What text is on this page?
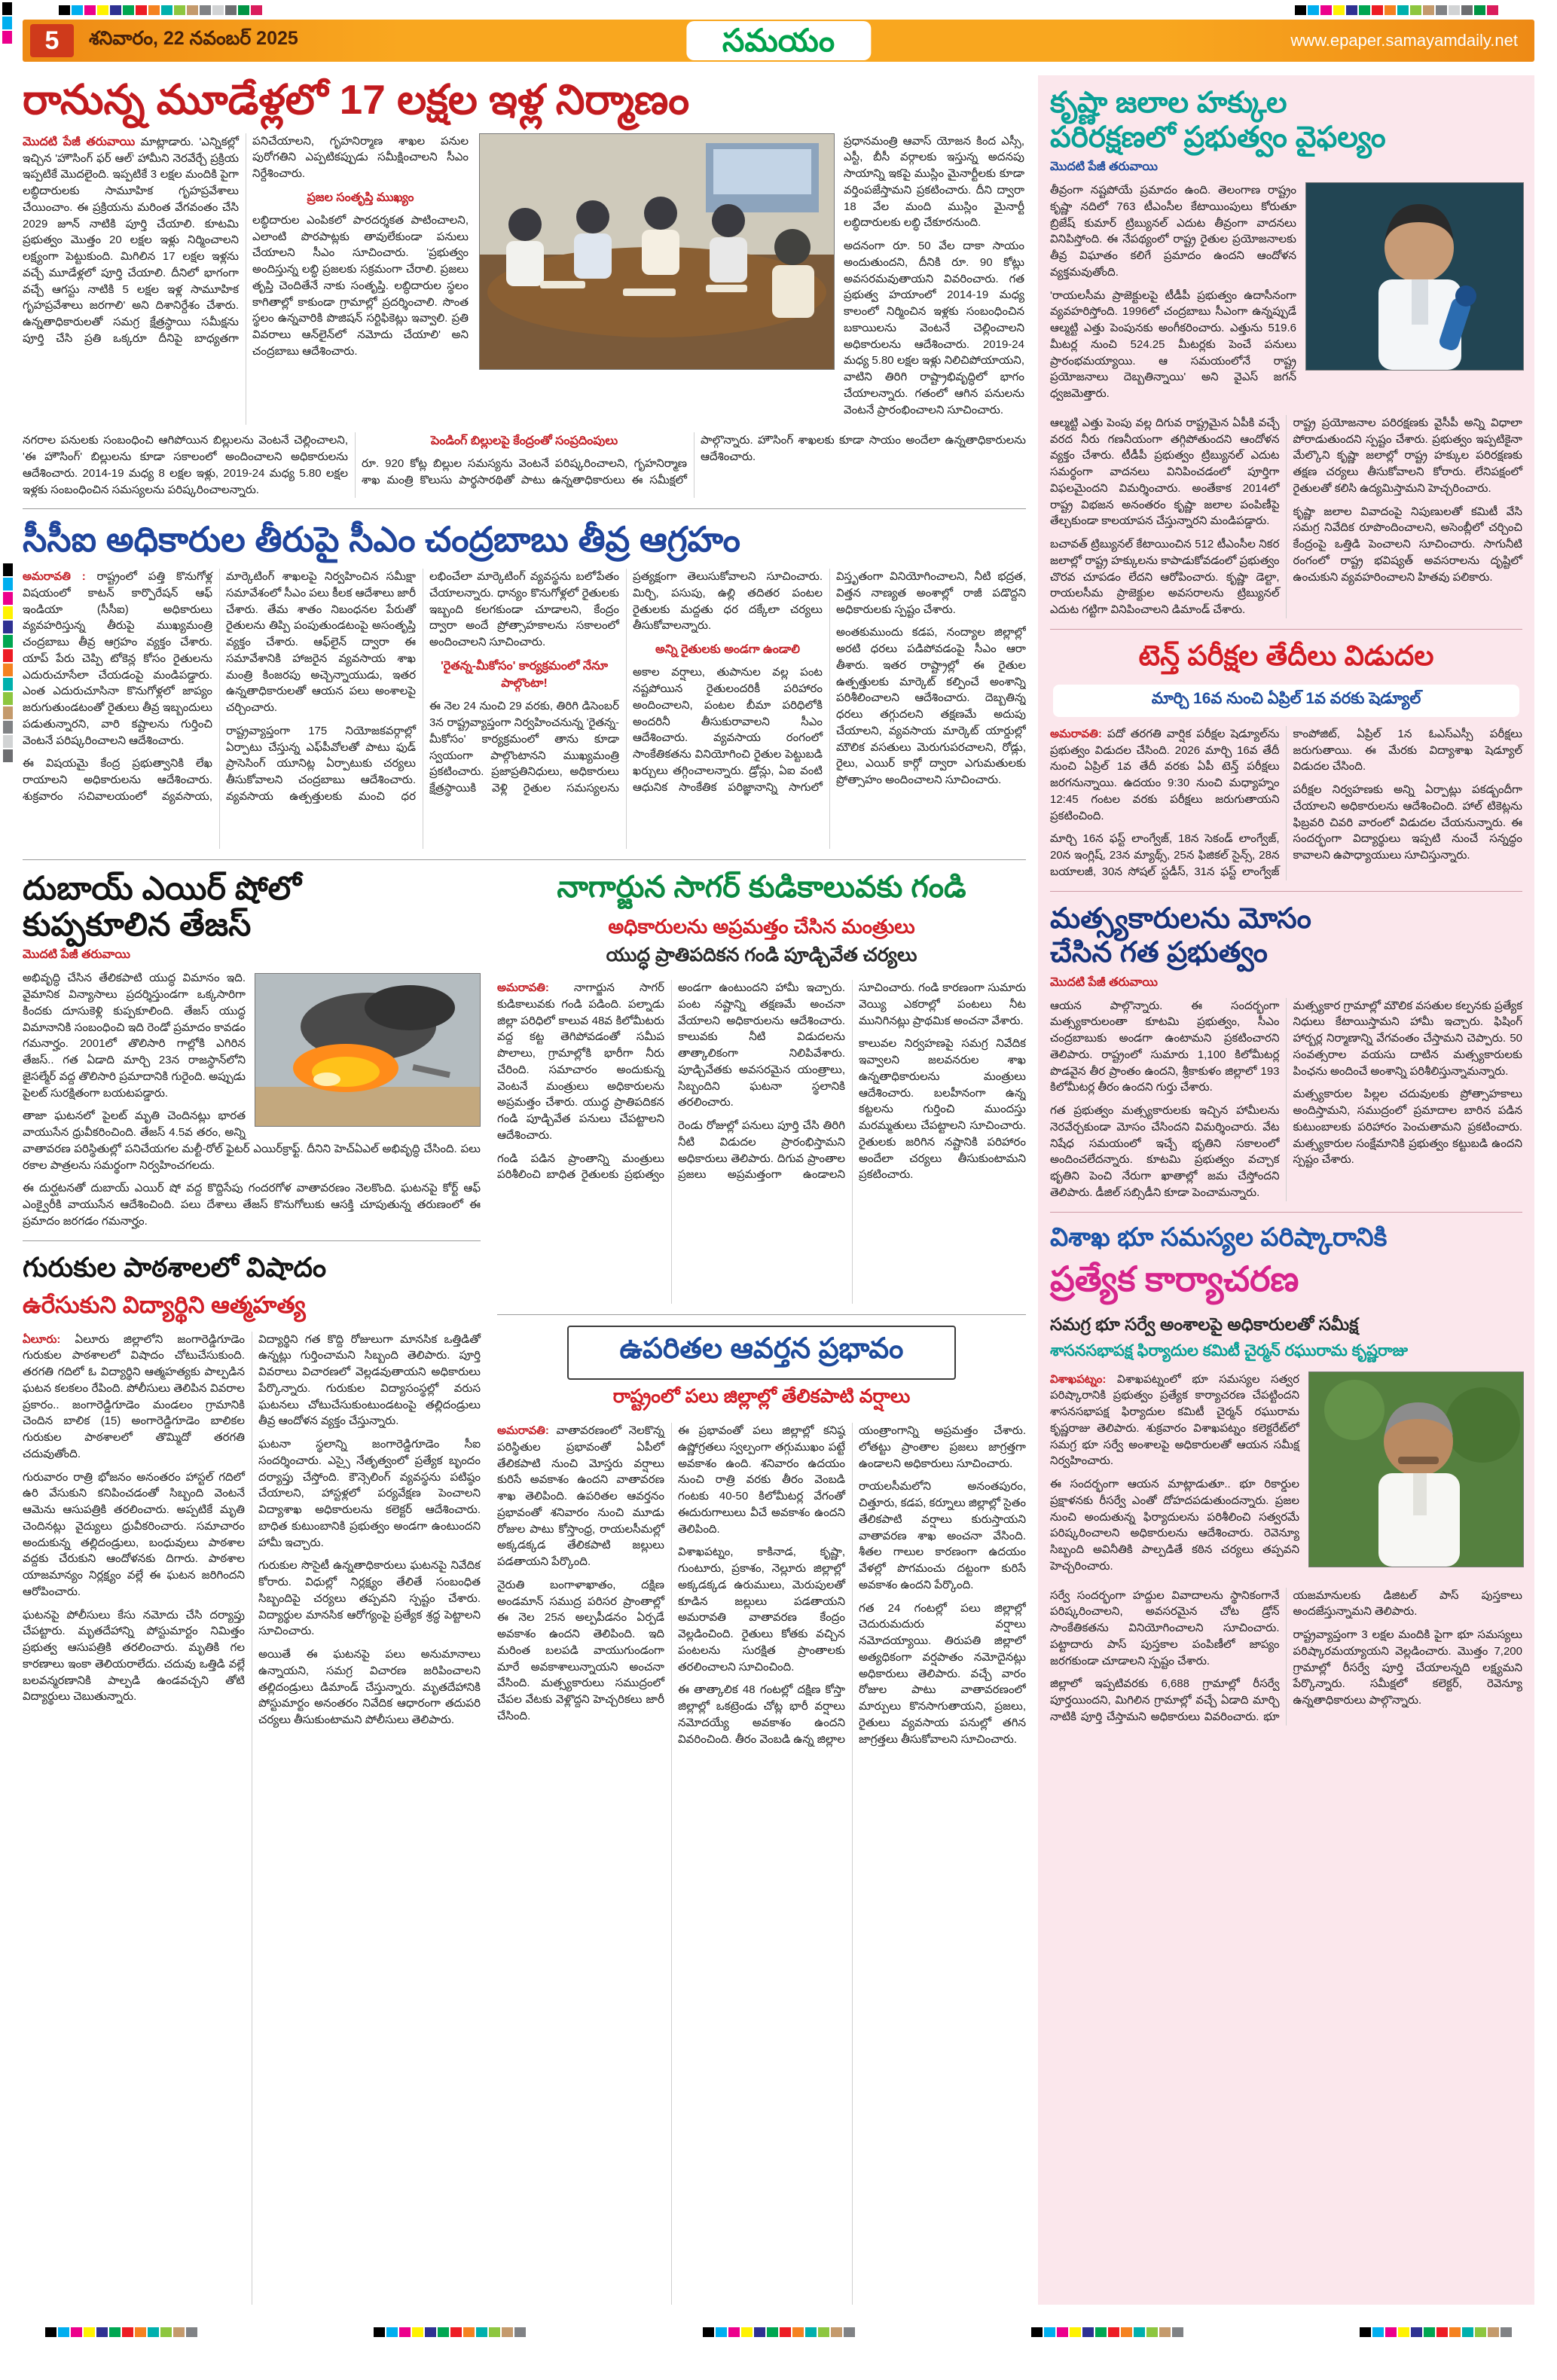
5	శనివారం, 22 నవంబర్ 2025	సమయం	www.epaper.samayamdaily.net
రానున్న మూడేళ్లలో 17 లక్షల ఇళ్ల నిర్మాణం

మొదటి పేజీ తరువాయి మాట్లాడారు. 'ఎన్నికల్లో ఇచ్చిన 'హౌసింగ్ ఫర్ ఆల్' హామీని నెరవేర్చే ప్రక్రియ ఇప్పటికే మొదలైంది. ఇప్పటికే 3 లక్షల మందికి పైగా లబ్ధిదారులకు సామూహిక గృహప్రవేశాలు చేయించాం. ఈ ప్రక్రియను మరింత వేగవంతం చేసి 2029 జూన్ నాటికి పూర్తి చేయాలి. కూటమి ప్రభుత్వం మొత్తం 20 లక్షల ఇళ్లు నిర్మించాలని లక్ష్యంగా పెట్టుకుంది. మిగిలిన 17 లక్షల ఇళ్లను వచ్చే మూడేళ్లలో పూర్తి చేయాలి. దీనిలో భాగంగా వచ్చే ఆగస్టు నాటికి 5 లక్షల ఇళ్ల సామూహిక గృహప్రవేశాలు జరగాలి' అని దిశానిర్దేశం చేశారు. ఉన్నతాధికారులతో సమగ్ర క్షేత్రస్థాయి సమీక్షను పూర్తి చేసి ప్రతి ఒక్కరూ దీనిపై బాధ్యతగా పనిచేయాలని, గృహనిర్మాణ శాఖల పనుల పురోగతిని ఎప్పటికప్పుడు సమీక్షించాలని సీఎం నిర్దేశించారు.

ప్రజల సంతృప్తి ముఖ్యం

లబ్ధిదారుల ఎంపికలో పారదర్శకత పాటించాలని, ఎలాంటి పొరపాట్లకు తావులేకుండా పనులు చేయాలని సీఎం సూచించారు. 'ప్రభుత్వం అందిస్తున్న లబ్ధి ప్రజలకు సక్రమంగా చేరాలి. ప్రజలు తృప్తి చెందితేనే నాకు సంతృప్తి. లబ్ధిదారుల స్థలం కాగితాల్లో కాకుండా గ్రామాల్లో ప్రదర్శించాలి. సొంత స్థలం ఉన్నవారికి పొజిషన్ సర్టిఫికెట్లు ఇవ్వాలి. ప్రతి వివరాలు ఆన్‌లైన్‌లో నమోదు చేయాలి' అని చంద్రబాబు ఆదేశించారు.

ప్రధానమంత్రి ఆవాస్ యోజన కింద ఎస్సీ, ఎస్టీ, బీసీ వర్గాలకు ఇస్తున్న అదనపు సాయాన్ని ఇకపై ముస్లిం మైనార్టీలకు కూడా వర్తింపజేస్తామని ప్రకటించారు. దీని ద్వారా 18 వేల మంది ముస్లిం మైనార్టీ లబ్ధిదారులకు లబ్ధి చేకూరనుంది.

అదనంగా రూ. 50 వేల దాకా సాయం అందుతుందని, దీనికి రూ. 90 కోట్లు అవసరమవుతాయని వివరించారు. గత ప్రభుత్వ హయాంలో 2014-19 మధ్య కాలంలో నిర్మించిన ఇళ్లకు సంబంధించిన బకాయిలను వెంటనే చెల్లించాలని అధికారులను ఆదేశించారు. 2019-24 మధ్య 5.80 లక్షల ఇళ్లు నిలిచిపోయాయని, వాటిని తిరిగి రాష్ట్రాభివృద్ధిలో భాగం చేయాలన్నారు. గతంలో ఆగిన పనులను వెంటనే ప్రారంభించాలని సూచించారు.

నగరాల పనులకు సంబంధించి ఆగిపోయిన బిల్లులను వెంటనే చెల్లించాలని, 'ఈ హౌసింగ్' బిల్లులను కూడా సకాలంలో అందించాలని అధికారులను ఆదేశించారు. 2014-19 మధ్య 8 లక్షల ఇళ్లు, 2019-24 మధ్య 5.80 లక్షల ఇళ్లకు సంబంధించిన సమస్యలను పరిష్కరించాలన్నారు.

పెండింగ్ బిల్లులపై కేంద్రంతో సంప్రదింపులు

రూ. 920 కోట్ల బిల్లుల సమస్యను వెంటనే పరిష్కరించాలని, గృహనిర్మాణ శాఖ మంత్రి కొలుసు పార్థసారథితో పాటు ఉన్నతాధికారులు ఈ సమీక్షలో పాల్గొన్నారు. హౌసింగ్ శాఖలకు కూడా సాయం అందేలా ఉన్నతాధికారులను ఆదేశించారు.

సీసీఐ అధికారుల తీరుపై సీఎం చంద్రబాబు తీవ్ర ఆగ్రహం

అమరావతి : రాష్ట్రంలో పత్తి కొనుగోళ్ల విషయంలో కాటన్ కార్పొరేషన్ ఆఫ్ ఇండియా (సీసీఐ) అధికారులు వ్యవహరిస్తున్న తీరుపై ముఖ్యమంత్రి చంద్రబాబు తీవ్ర ఆగ్రహం వ్యక్తం చేశారు. యాప్ పేరు చెప్పి టోకెన్ల కోసం రైతులను ఎదురుచూసేలా చేయడంపై మండిపడ్డారు. ఎంత ఎదురుచూసినా కొనుగోళ్లలో జాప్యం జరుగుతుండటంతో రైతులు తీవ్ర ఇబ్బందులు పడుతున్నారని, వారి కష్టాలను గుర్తించి వెంటనే పరిష్కరించాలని ఆదేశించారు.

ఈ విషయమై కేంద్ర ప్రభుత్వానికి లేఖ రాయాలని అధికారులను ఆదేశించారు. శుక్రవారం సచివాలయంలో వ్యవసాయ, మార్కెటింగ్ శాఖలపై నిర్వహించిన సమీక్షా సమావేశంలో సీఎం పలు కీలక ఆదేశాలు జారీ చేశారు. తేమ శాతం నిబంధనల పేరుతో రైతులను తిప్పి పంపుతుండటంపై అసంతృప్తి వ్యక్తం చేశారు. ఆఫ్‌లైన్ ద్వారా ఈ సమావేశానికి హాజరైన వ్యవసాయ శాఖ మంత్రి కింజరపు అచ్చెన్నాయుడు, ఇతర ఉన్నతాధికారులతో ఆయన పలు అంశాలపై చర్చించారు.

రాష్ట్రవ్యాప్తంగా 175 నియోజకవర్గాల్లో ఏర్పాటు చేస్తున్న ఎఫ్‌పీవోలతో పాటు ఫుడ్ ప్రాసెసింగ్ యూనిట్ల ఏర్పాటుకు చర్యలు తీసుకోవాలని చంద్రబాబు ఆదేశించారు. వ్యవసాయ ఉత్పత్తులకు మంచి ధర లభించేలా మార్కెటింగ్ వ్యవస్థను బలోపేతం చేయాలన్నారు. ధాన్యం కొనుగోళ్లలో రైతులకు ఇబ్బంది కలగకుండా చూడాలని, కేంద్రం ద్వారా అందే ప్రోత్సాహకాలను సకాలంలో అందించాలని సూచించారు.

'రైతన్న-మీకోసం' కార్యక్రమంలో నేనూ పాల్గొంటా!

ఈ నెల 24 నుంచి 29 వరకు, తిరిగి డిసెంబర్ 3న రాష్ట్రవ్యాప్తంగా నిర్వహించనున్న 'రైతన్న-మీకోసం' కార్యక్రమంలో తాను కూడా స్వయంగా పాల్గొంటానని ముఖ్యమంత్రి ప్రకటించారు. ప్రజాప్రతినిధులు, అధికారులు క్షేత్రస్థాయికి వెళ్లి రైతుల సమస్యలను ప్రత్యక్షంగా తెలుసుకోవాలని సూచించారు. మిర్చి, పసుపు, ఉల్లి తదితర పంటల రైతులకు మద్దతు ధర దక్కేలా చర్యలు తీసుకోవాలన్నారు.

అన్ని రైతులకు అండగా ఉండాలి

అకాల వర్షాలు, తుపానుల వల్ల పంట నష్టపోయిన రైతులందరికీ పరిహారం అందించాలని, పంటల బీమా పరిధిలోకి అందరినీ తీసుకురావాలని సీఎం ఆదేశించారు. వ్యవసాయ రంగంలో సాంకేతికతను వినియోగించి రైతుల పెట్టుబడి ఖర్చులు తగ్గించాలన్నారు. డ్రోన్లు, ఏఐ వంటి ఆధునిక సాంకేతిక పరిజ్ఞానాన్ని సాగులో విస్తృతంగా వినియోగించాలని, నీటి భద్రత, విత్తన నాణ్యత అంశాల్లో రాజీ పడొద్దని అధికారులకు స్పష్టం చేశారు.

అంతకుముందు కడప, నంద్యాల జిల్లాల్లో అరటి ధరలు పడిపోవడంపై సీఎం ఆరా తీశారు. ఇతర రాష్ట్రాల్లో ఈ రైతుల ఉత్పత్తులకు మార్కెట్ కల్పించే అంశాన్ని పరిశీలించాలని ఆదేశించారు. దెబ్బతిన్న ధరలు తగ్గుదలని తక్షణమే అదుపు చేయాలని, వ్యవసాయ మార్కెట్ యార్డుల్లో మౌలిక వసతులు మెరుగుపరచాలని, రోడ్లు, రైలు, ఎయిర్ కార్గో ద్వారా ఎగుమతులకు ప్రోత్సాహం అందించాలని సూచించారు.

దుబాయ్ ఎయిర్ షోలో
కుప్పకూలిన తేజస్
మొదటి పేజీ తరువాయి

అభివృద్ధి చేసిన తేలికపాటి యుద్ధ విమానం ఇది. వైమానిక విన్యాసాలు ప్రదర్శిస్తుండగా ఒక్కసారిగా కిందకు దూసుకెళ్లి కుప్పకూలింది. తేజస్ యుద్ధ విమానానికి సంబంధించి ఇది రెండో ప్రమాదం కావడం గమనార్హం. 2001లో తొలిసారి గాల్లోకి ఎగిరిన తేజస్.. గత ఏడాది మార్చి 23న రాజస్థాన్‌లోని జైసల్మేర్ వద్ద తొలిసారి ప్రమాదానికి గురైంది. అప్పుడు పైలట్ సురక్షితంగా బయటపడ్డారు.

తాజా ఘటనలో పైలట్ మృతి చెందినట్లు భారత వాయుసేన ధ్రువీకరించింది. తేజస్ 4.5వ తరం, అన్ని వాతావరణ పరిస్థితుల్లో పనిచేయగల మల్టీ-రోల్ ఫైటర్ ఎయిర్‌క్రాఫ్ట్. దీనిని హెచ్ఏఎల్ అభివృద్ధి చేసింది. పలు రకాల పాత్రలను సమర్థంగా నిర్వహించగలదు.

ఈ దుర్ఘటనతో దుబాయ్ ఎయిర్ షో వద్ద కొద్దిసేపు గందరగోళ వాతావరణం నెలకొంది. ఘటనపై కోర్ట్ ఆఫ్ ఎంక్వైరీకి వాయుసేన ఆదేశించింది. పలు దేశాలు తేజస్ కొనుగోలుకు ఆసక్తి చూపుతున్న తరుణంలో ఈ ప్రమాదం జరగడం గమనార్హం.

గురుకుల పాఠశాలలో విషాదం
ఉరేసుకుని విద్యార్థిని ఆత్మహత్య

ఏలూరు: ఏలూరు జిల్లాలోని జంగారెడ్డిగూడెం గురుకుల పాఠశాలలో విషాదం చోటుచేసుకుంది. తరగతి గదిలో ఓ విద్యార్థిని ఆత్మహత్యకు పాల్పడిన ఘటన కలకలం రేపింది. పోలీసులు తెలిపిన వివరాల ప్రకారం.. జంగారెడ్డిగూడెం మండలం గ్రామానికి చెందిన బాలిక (15) అంగారెడ్డిగూడెం బాలికల గురుకుల పాఠశాలలో తొమ్మిదో తరగతి చదువుతోంది.

గురువారం రాత్రి భోజనం అనంతరం హాస్టల్ గదిలో ఉరి వేసుకుని కనిపించడంతో సిబ్బంది వెంటనే ఆమెను ఆసుపత్రికి తరలించారు. అప్పటికే మృతి చెందినట్లు వైద్యులు ధ్రువీకరించారు. సమాచారం అందుకున్న తల్లిదండ్రులు, బంధువులు పాఠశాల వద్దకు చేరుకుని ఆందోళనకు దిగారు. పాఠశాల యాజమాన్యం నిర్లక్ష్యం వల్లే ఈ ఘటన జరిగిందని ఆరోపించారు.

ఘటనపై పోలీసులు కేసు నమోదు చేసి దర్యాప్తు చేపట్టారు. మృతదేహాన్ని పోస్టుమార్టం నిమిత్తం ప్రభుత్వ ఆసుపత్రికి తరలించారు. మృతికి గల కారణాలు ఇంకా తెలియరాలేదు. చదువు ఒత్తిడి వల్లే బలవన్మరణానికి పాల్పడి ఉండవచ్చని తోటి విద్యార్థులు చెబుతున్నారు.

విద్యార్థిని గత కొద్ది రోజులుగా మానసిక ఒత్తిడితో ఉన్నట్లు గుర్తించామని సిబ్బంది తెలిపారు. పూర్తి వివరాలు విచారణలో వెల్లడవుతాయని అధికారులు పేర్కొన్నారు. గురుకుల విద్యాసంస్థల్లో వరుస ఘటనలు చోటుచేసుకుంటుండటంపై తల్లిదండ్రులు తీవ్ర ఆందోళన వ్యక్తం చేస్తున్నారు.

ఘటనా స్థలాన్ని జంగారెడ్డిగూడెం సీఐ సందర్శించారు. ఎస్సై నేతృత్వంలో ప్రత్యేక బృందం దర్యాప్తు చేస్తోంది. కౌన్సెలింగ్ వ్యవస్థను పటిష్ఠం చేయాలని, హాస్టళ్లలో పర్యవేక్షణ పెంచాలని విద్యాశాఖ అధికారులను కలెక్టర్ ఆదేశించారు. బాధిత కుటుంబానికి ప్రభుత్వం అండగా ఉంటుందని హామీ ఇచ్చారు.

గురుకుల సొసైటీ ఉన్నతాధికారులు ఘటనపై నివేదిక కోరారు. విధుల్లో నిర్లక్ష్యం తేలితే సంబంధిత సిబ్బందిపై చర్యలు తప్పవని స్పష్టం చేశారు. విద్యార్థుల మానసిక ఆరోగ్యంపై ప్రత్యేక శ్రద్ధ పెట్టాలని సూచించారు.

అయితే ఈ ఘటనపై పలు అనుమానాలు ఉన్నాయని, సమగ్ర విచారణ జరిపించాలని తల్లిదండ్రులు డిమాండ్ చేస్తున్నారు. మృతదేహానికి పోస్టుమార్టం అనంతరం నివేదిక ఆధారంగా తదుపరి చర్యలు తీసుకుంటామని పోలీసులు తెలిపారు.

నాగార్జున సాగర్ కుడికాలువకు గండి
అధికారులను అప్రమత్తం చేసిన మంత్రులు
యుద్ధ ప్రాతిపదికన గండి పూడ్చివేత చర్యలు

అమరావతి: నాగార్జున సాగర్ కుడికాలువకు గండి పడింది. పల్నాడు జిల్లా పరిధిలో కాలువ 48వ కిలోమీటరు వద్ద కట్ట తెగిపోవడంతో సమీప పొలాలు, గ్రామాల్లోకి భారీగా నీరు చేరింది. సమాచారం అందుకున్న వెంటనే మంత్రులు అధికారులను అప్రమత్తం చేశారు. యుద్ధ ప్రాతిపదికన గండి పూడ్చివేత పనులు చేపట్టాలని ఆదేశించారు.

గండి పడిన ప్రాంతాన్ని మంత్రులు పరిశీలించి బాధిత రైతులకు ప్రభుత్వం అండగా ఉంటుందని హామీ ఇచ్చారు. పంట నష్టాన్ని తక్షణమే అంచనా వేయాలని అధికారులను ఆదేశించారు. కాలువకు నీటి విడుదలను తాత్కాలికంగా నిలిపివేశారు. పూడ్చివేతకు అవసరమైన యంత్రాలు, సిబ్బందిని ఘటనా స్థలానికి తరలించారు.

రెండు రోజుల్లో పనులు పూర్తి చేసి తిరిగి నీటి విడుదల ప్రారంభిస్తామని అధికారులు తెలిపారు. దిగువ ప్రాంతాల ప్రజలు అప్రమత్తంగా ఉండాలని సూచించారు. గండి కారణంగా సుమారు వెయ్యి ఎకరాల్లో పంటలు నీట మునిగినట్లు ప్రాథమిక అంచనా వేశారు.

కాలువల నిర్వహణపై సమగ్ర నివేదిక ఇవ్వాలని జలవనరుల శాఖ ఉన్నతాధికారులను మంత్రులు ఆదేశించారు. బలహీనంగా ఉన్న కట్టలను గుర్తించి ముందస్తు మరమ్మతులు చేపట్టాలని సూచించారు. రైతులకు జరిగిన నష్టానికి పరిహారం అందేలా చర్యలు తీసుకుంటామని ప్రకటించారు.

ఉపరితల ఆవర్తన ప్రభావం
రాష్ట్రంలో పలు జిల్లాల్లో తేలికపాటి వర్షాలు

అమరావతి: వాతావరణంలో నెలకొన్న పరిస్థితుల ప్రభావంతో ఏపీలో తేలికపాటి నుంచి మోస్తరు వర్షాలు కురిసే అవకాశం ఉందని వాతావరణ శాఖ తెలిపింది. ఉపరితల ఆవర్తనం ప్రభావంతో శనివారం నుంచి మూడు రోజుల పాటు కోస్తాంధ్ర, రాయలసీమల్లో అక్కడక్కడ తేలికపాటి జల్లులు పడతాయని పేర్కొంది.

నైరుతి బంగాళాఖాతం, దక్షిణ అండమాన్ సముద్ర పరిసర ప్రాంతాల్లో ఈ నెల 25న అల్పపీడనం ఏర్పడే అవకాశం ఉందని తెలిపింది. ఇది మరింత బలపడి వాయుగుండంగా మారే అవకాశాలున్నాయని అంచనా వేసింది. మత్స్యకారులు సముద్రంలో చేపల వేటకు వెళ్లొద్దని హెచ్చరికలు జారీ చేసింది.

ఈ ప్రభావంతో పలు జిల్లాల్లో కనిష్ఠ ఉష్ణోగ్రతలు స్వల్పంగా తగ్గుముఖం పట్టే అవకాశం ఉంది. శనివారం ఉదయం నుంచి రాత్రి వరకు తీరం వెంబడి గంటకు 40-50 కిలోమీటర్ల వేగంతో ఈదురుగాలులు వీచే అవకాశం ఉందని తెలిపింది.

విశాఖపట్నం, కాకినాడ, కృష్ణా, గుంటూరు, ప్రకాశం, నెల్లూరు జిల్లాల్లో అక్కడక్కడ ఉరుములు, మెరుపులతో కూడిన జల్లులు పడతాయని అమరావతి వాతావరణ కేంద్రం వెల్లడించింది. రైతులు కోతకు వచ్చిన పంటలను సురక్షిత ప్రాంతాలకు తరలించాలని సూచించింది.

ఈ తాత్కాలిక 48 గంటల్లో దక్షిణ కోస్తా జిల్లాల్లో ఒకట్రెండు చోట్ల భారీ వర్షాలు నమోదయ్యే అవకాశం ఉందని వివరించింది. తీరం వెంబడి ఉన్న జిల్లాల యంత్రాంగాన్ని అప్రమత్తం చేశారు. లోతట్టు ప్రాంతాల ప్రజలు జాగ్రత్తగా ఉండాలని అధికారులు సూచించారు.

రాయలసీమలోని అనంతపురం, చిత్తూరు, కడప, కర్నూలు జిల్లాల్లో సైతం తేలికపాటి వర్షాలు కురుస్తాయని వాతావరణ శాఖ అంచనా వేసింది. శీతల గాలుల కారణంగా ఉదయం వేళల్లో పొగమంచు దట్టంగా కురిసే అవకాశం ఉందని పేర్కొంది.

గత 24 గంటల్లో పలు జిల్లాల్లో చెదురుమదురు వర్షాలు నమోదయ్యాయి. తిరుపతి జిల్లాలో అత్యధికంగా వర్షపాతం నమోదైనట్లు అధికారులు తెలిపారు. వచ్చే వారం రోజుల పాటు వాతావరణంలో మార్పులు కొనసాగుతాయని, ప్రజలు, రైతులు వ్యవసాయ పనుల్లో తగిన జాగ్రత్తలు తీసుకోవాలని సూచించారు.

కృష్ణా జలాల హక్కుల
పరిరక్షణలో ప్రభుత్వం వైఫల్యం
మొదటి పేజీ తరువాయి

తీవ్రంగా నష్టపోయే ప్రమాదం ఉంది. తెలంగాణ రాష్ట్రం కృష్ణా నదిలో 763 టీఎంసీల కేటాయింపులు కోరుతూ బ్రిజేష్ కుమార్ ట్రిబ్యునల్ ఎదుట తీవ్రంగా వాదనలు వినిపిస్తోంది. ఈ నేపథ్యంలో రాష్ట్ర రైతుల ప్రయోజనాలకు తీవ్ర విఘాతం కలిగే ప్రమాదం ఉందని ఆందోళన వ్యక్తమవుతోంది.

'రాయలసీమ ప్రాజెక్టులపై టీడీపీ ప్రభుత్వం ఉదాసీనంగా వ్యవహరిస్తోంది. 1996లో చంద్రబాబు సీఎంగా ఉన్నప్పుడే ఆల్మట్టి ఎత్తు పెంపునకు అంగీకరించారు. ఎత్తును 519.6 మీటర్ల నుంచి 524.25 మీటర్లకు పెంచే పనులు ప్రారంభమయ్యాయి. ఆ సమయంలోనే రాష్ట్ర ప్రయోజనాలు దెబ్బతిన్నాయి' అని వైఎస్ జగన్ ధ్వజమెత్తారు.

ఆల్మట్టి ఎత్తు పెంపు వల్ల దిగువ రాష్ట్రమైన ఏపీకి వచ్చే వరద నీరు గణనీయంగా తగ్గిపోతుందని ఆందోళన వ్యక్తం చేశారు. టీడీపీ ప్రభుత్వం ట్రిబ్యునల్ ఎదుట సమర్థంగా వాదనలు వినిపించడంలో పూర్తిగా విఫలమైందని విమర్శించారు. అంతేకాక 2014లో రాష్ట్ర విభజన అనంతరం కృష్ణా జలాల పంపిణీపై తేల్చకుండా కాలయాపన చేస్తున్నారని మండిపడ్డారు.

బచావత్ ట్రిబ్యునల్ కేటాయించిన 512 టీఎంసీల నికర జలాల్లో రాష్ట్ర హక్కులను కాపాడుకోవడంలో ప్రభుత్వం చొరవ చూపడం లేదని ఆరోపించారు. కృష్ణా డెల్టా, రాయలసీమ ప్రాజెక్టుల అవసరాలను ట్రిబ్యునల్ ఎదుట గట్టిగా వినిపించాలని డిమాండ్ చేశారు.

రాష్ట్ర ప్రయోజనాల పరిరక్షణకు వైసీపీ అన్ని విధాలా పోరాడుతుందని స్పష్టం చేశారు. ప్రభుత్వం ఇప్పటికైనా మేల్కొని కృష్ణా జలాల్లో రాష్ట్ర హక్కుల పరిరక్షణకు తక్షణ చర్యలు తీసుకోవాలని కోరారు. లేనిపక్షంలో రైతులతో కలిసి ఉద్యమిస్తామని హెచ్చరించారు.

కృష్ణా జలాల వివాదంపై నిపుణులతో కమిటీ వేసి సమగ్ర నివేదిక రూపొందించాలని, అసెంబ్లీలో చర్చించి కేంద్రంపై ఒత్తిడి పెంచాలని సూచించారు. సాగునీటి రంగంలో రాష్ట్ర భవిష్యత్ అవసరాలను దృష్టిలో ఉంచుకుని వ్యవహరించాలని హితవు పలికారు.

టెన్త్ పరీక్షల తేదీలు విడుదల
మార్చి 16వ నుంచి ఏప్రిల్ 1వ వరకు షెడ్యూల్

అమరావతి: పదో తరగతి వార్షిక పరీక్షల షెడ్యూల్‌ను ప్రభుత్వం విడుదల చేసింది. 2026 మార్చి 16వ తేదీ నుంచి ఏప్రిల్ 1వ తేదీ వరకు ఏపీ టెన్త్ పరీక్షలు జరగనున్నాయి. ఉదయం 9:30 నుంచి మధ్యాహ్నం 12:45 గంటల వరకు పరీక్షలు జరుగుతాయని ప్రకటించింది.

మార్చి 16న ఫస్ట్ లాంగ్వేజ్, 18న సెకండ్ లాంగ్వేజ్, 20న ఇంగ్లిష్, 23న మ్యాథ్స్, 25న ఫిజికల్ సైన్స్, 28న బయాలజీ, 30న సోషల్ స్టడీస్, 31న ఫస్ట్ లాంగ్వేజ్ కాంపోజిట్, ఏప్రిల్ 1న ఓఎస్ఎస్సీ పరీక్షలు జరుగుతాయి. ఈ మేరకు విద్యాశాఖ షెడ్యూల్ విడుదల చేసింది.

పరీక్షల నిర్వహణకు అన్ని ఏర్పాట్లు పకడ్బందీగా చేయాలని అధికారులను ఆదేశించింది. హాల్ టికెట్లను ఫిబ్రవరి చివరి వారంలో విడుదల చేయనున్నారు. ఈ సందర్భంగా విద్యార్థులు ఇప్పటి నుంచే సన్నద్ధం కావాలని ఉపాధ్యాయులు సూచిస్తున్నారు.

మత్స్యకారులను మోసం
చేసిన గత ప్రభుత్వం
మొదటి పేజీ తరువాయి

ఆయన పాల్గొన్నారు. ఈ సందర్భంగా మత్స్యకారులంతా కూటమి ప్రభుత్వం, సీఎం చంద్రబాబుకు అండగా ఉంటామని ప్రకటించారని తెలిపారు. రాష్ట్రంలో సుమారు 1,100 కిలోమీటర్ల పొడవైన తీర ప్రాంతం ఉందని, శ్రీకాకుళం జిల్లాలో 193 కిలోమీటర్ల తీరం ఉందని గుర్తు చేశారు.

గత ప్రభుత్వం మత్స్యకారులకు ఇచ్చిన హామీలను నెరవేర్చకుండా మోసం చేసిందని విమర్శించారు. వేట నిషేధ సమయంలో ఇచ్చే భృతిని సకాలంలో అందించలేదన్నారు. కూటమి ప్రభుత్వం వచ్చాక భృతిని పెంచి నేరుగా ఖాతాల్లో జమ చేస్తోందని తెలిపారు. డీజిల్ సబ్సిడీని కూడా పెంచామన్నారు.

మత్స్యకార గ్రామాల్లో మౌలిక వసతుల కల్పనకు ప్రత్యేక నిధులు కేటాయిస్తామని హామీ ఇచ్చారు. ఫిషింగ్ హార్బర్ల నిర్మాణాన్ని వేగవంతం చేస్తామని చెప్పారు. 50 సంవత్సరాల వయసు దాటిన మత్స్యకారులకు పింఛను అందించే అంశాన్ని పరిశీలిస్తున్నామన్నారు.

మత్స్యకారుల పిల్లల చదువులకు ప్రోత్సాహకాలు అందిస్తామని, సముద్రంలో ప్రమాదాల బారిన పడిన కుటుంబాలకు పరిహారం పెంచుతామని ప్రకటించారు. మత్స్యకారుల సంక్షేమానికి ప్రభుత్వం కట్టుబడి ఉందని స్పష్టం చేశారు.

విశాఖ భూ సమస్యల పరిష్కారానికి
ప్రత్యేక కార్యాచరణ
సమగ్ర భూ సర్వే అంశాలపై అధికారులతో సమీక్ష
శాసనసభాపక్ష ఫిర్యాదుల కమిటీ చైర్మన్ రఘురామ కృష్ణరాజు

విశాఖపట్నం: విశాఖపట్నంలో భూ సమస్యల సత్వర పరిష్కారానికి ప్రభుత్వం ప్రత్యేక కార్యాచరణ చేపట్టిందని శాసనసభాపక్ష ఫిర్యాదుల కమిటీ చైర్మన్ రఘురామ కృష్ణరాజు తెలిపారు. శుక్రవారం విశాఖపట్నం కలెక్టరేట్‌లో సమగ్ర భూ సర్వే అంశాలపై అధికారులతో ఆయన సమీక్ష నిర్వహించారు.

ఈ సందర్భంగా ఆయన మాట్లాడుతూ.. భూ రికార్డుల ప్రక్షాళనకు రీసర్వే ఎంతో దోహదపడుతుందన్నారు. ప్రజల నుంచి అందుతున్న ఫిర్యాదులను పరిశీలించి సత్వరమే పరిష్కరించాలని అధికారులను ఆదేశించారు. రెవెన్యూ సిబ్బంది అవినీతికి పాల్పడితే కఠిన చర్యలు తప్పవని హెచ్చరించారు.

సర్వే సందర్భంగా హద్దుల వివాదాలను స్థానికంగానే పరిష్కరించాలని, అవసరమైన చోట డ్రోన్ సాంకేతికతను వినియోగించాలని సూచించారు. పట్టాదారు పాస్ పుస్తకాల పంపిణీలో జాప్యం జరగకుండా చూడాలని స్పష్టం చేశారు.

జిల్లాలో ఇప్పటివరకు 6,688 గ్రామాల్లో రీసర్వే పూర్తయిందని, మిగిలిన గ్రామాల్లో వచ్చే ఏడాది మార్చి నాటికి పూర్తి చేస్తామని అధికారులు వివరించారు. భూ యజమానులకు డిజిటల్ పాస్ పుస్తకాలు అందజేస్తున్నామని తెలిపారు.

రాష్ట్రవ్యాప్తంగా 3 లక్షల మందికి పైగా భూ సమస్యలు పరిష్కారమయ్యాయని వెల్లడించారు. మొత్తం 7,200 గ్రామాల్లో రీసర్వే పూర్తి చేయాలన్నది లక్ష్యమని పేర్కొన్నారు. సమీక్షలో కలెక్టర్, రెవెన్యూ ఉన్నతాధికారులు పాల్గొన్నారు.
